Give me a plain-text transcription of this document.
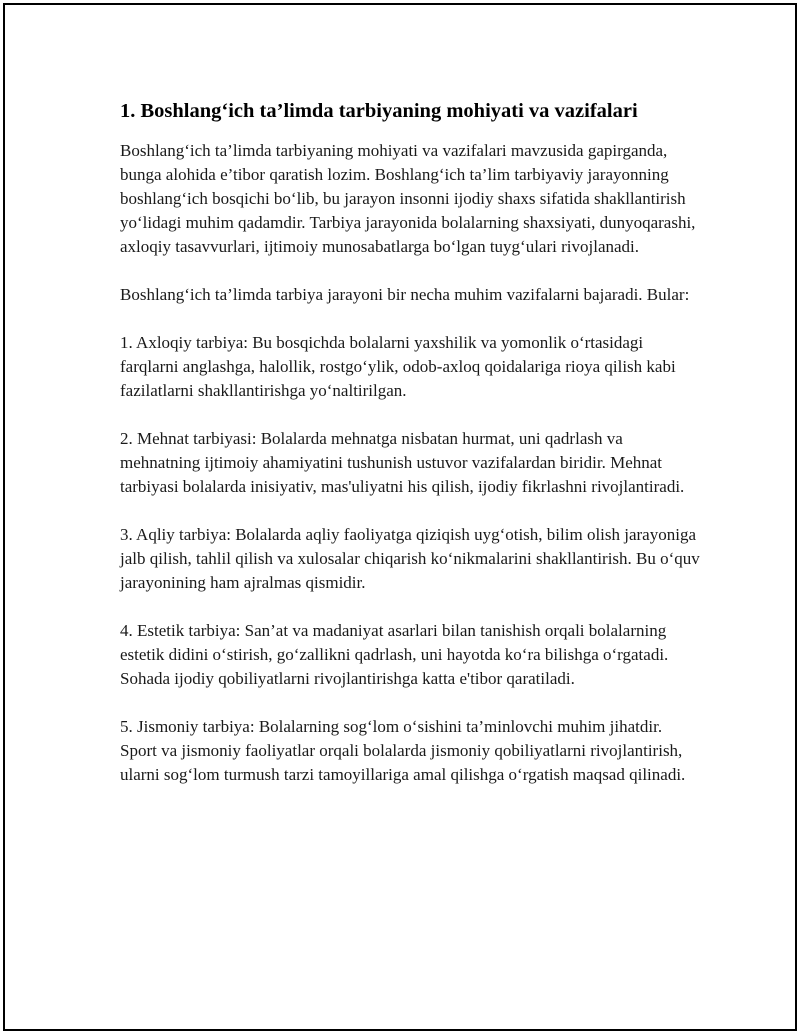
1. Boshlang‘ich ta’limda tarbiyaning mohiyati va vazifalari

Boshlang‘ich ta’limda tarbiyaning mohiyati va vazifalari mavzusida gapirganda, bunga alohida e’tibor qaratish lozim. Boshlang‘ich ta’lim tarbiyaviy jarayonning boshlang‘ich bosqichi bo‘lib, bu jarayon insonni ijodiy shaxs sifatida shakllantirish yo‘lidagi muhim qadamdir. Tarbiya jarayonida bolalarning shaxsiyati, dunyoqarashi, axloqiy tasavvurlari, ijtimoiy munosabatlarga bo‘lgan tuyg‘ulari rivojlanadi.

Boshlang‘ich ta’limda tarbiya jarayoni bir necha muhim vazifalarni bajaradi. Bular:

1. Axloqiy tarbiya: Bu bosqichda bolalarni yaxshilik va yomonlik o‘rtasidagi farqlarni anglashga, halollik, rostgo‘ylik, odob-axloq qoidalariga rioya qilish kabi fazilatlarni shakllantirishga yo‘naltirilgan.

2. Mehnat tarbiyasi: Bolalarda mehnatga nisbatan hurmat, uni qadrlash va mehnatning ijtimoiy ahamiyatini tushunish ustuvor vazifalardan biridir. Mehnat tarbiyasi bolalarda inisiyativ, mas'uliyatni his qilish, ijodiy fikrlashni rivojlantiradi.

3. Aqliy tarbiya: Bolalarda aqliy faoliyatga qiziqish uyg‘otish, bilim olish jarayoniga jalb qilish, tahlil qilish va xulosalar chiqarish ko‘nikmalarini shakllantirish. Bu o‘quv jarayonining ham ajralmas qismidir.

4. Estetik tarbiya: San’at va madaniyat asarlari bilan tanishish orqali bolalarning estetik didini o‘stirish, go‘zallikni qadrlash, uni hayotda ko‘ra bilishga o‘rgatadi. Sohada ijodiy qobiliyatlarni rivojlantirishga katta e'tibor qaratiladi.

5. Jismoniy tarbiya: Bolalarning sog‘lom o‘sishini ta’minlovchi muhim jihatdir. Sport va jismoniy faoliyatlar orqali bolalarda jismoniy qobiliyatlarni rivojlantirish, ularni sog‘lom turmush tarzi tamoyillariga amal qilishga o‘rgatish maqsad qilinadi.
